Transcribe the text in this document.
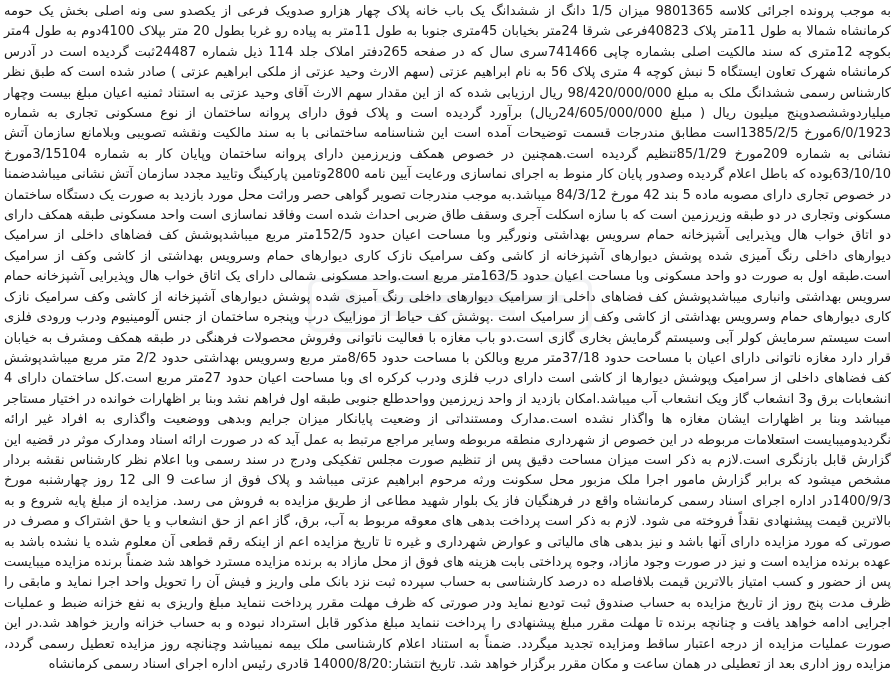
به موجب پرونده اجرائی کلاسه 9801365 میزان 1/5 دانگ از ششدانگ یک باب خانه پلاک چهار هزارو صدویک فرعی از یکصدو سی ونه اصلی بخش یک حومه کرمانشاه شمالا به طول 11متر پلاک 40823فرعی شرقا 24متر بخیابان 45متری جنوبا به طول 11متر به پیاده رو غربا بطول 20 متر بپلاک 4100دوم به طول 4متر بکوچه 12متری که سند مالکیت اصلی بشماره چاپی 741466سری سال که در صفحه 265دفتر املاک جلد 114 ذیل شماره 24487ثبت گردیده است در آدرس کرمانشاه شهرک تعاون ایستگاه 5 نبش کوچه 4 متری پلاک 56 به نام ابراهیم عزتی (سهم الارث وحید عزتی از ملکی ابراهیم عزتی ) صادر شده است که طبق نظر کارشناس رسمی ششدانگ ملک به مبلغ 98/420/000/000 ریال ارزیابی شده که از این مقدار سهم الارث آقای وحید عزتی به استناد ثمنیه اعیان مبلغ بیست وچهار میلیاردوششصدوپنج میلیون ریال ( مبلغ 24/605/000/000ریال) برآورد گردیده است و پلاک فوق دارای پروانه ساختمان از نوع مسکونی تجاری به شماره 6/0/1923مورخ 1385/2/5است مطابق مندرجات قسمت توضیحات آمده است این شناسنامه ساختمانی با به سند مالکیت ونقشه تصویبی وبلامانع سازمان آتش نشانی به شماره 209مورخ 85/1/29تنظیم گردیده است.همچنین در خصوص همکف وزیرزمین دارای پروانه ساختمان وپایان کار به شماره 3/15104مورخ 63/10/10بوده که باطل اعلام گردیده وصدور پایان کار منوط به اجرای نماسازی ورعایت آیین نامه 2800وتامین پارکینگ وتایید مجدد سازمان آتش نشانی میباشدضمنا در خصوص تجاری دارای مصوبه ماده 5 بند 42 مورخ 84/3/12 میباشد.به موجب مندرجات تصویر گواهی حصر وراثت محل مورد بازدید به صورت یک دستگاه ساختمان مسکونی وتجاری در دو طبقه وزیرزمین است که با سازه اسکلت آجری وسقف طاق ضربی احداث شده است وفاقد نماسازی است واحد مسکونی طبقه همکف دارای دو اتاق خواب هال وپذیرایی آشپزخانه حمام سرویس بهداشتی ونورگیر وبا مساحت اعیان حدود 152/5متر مربع میباشدپوشش کف فضاهای داخلی از سرامیک دیوارهای داخلی رنگ آمیزی شده پوشش دیوارهای آشپزخانه از کاشی وکف سرامیک نازک کاری دیوارهای حمام وسرویس بهداشتی از کاشی وکف از سرامیک است.طبقه اول به صورت دو واحد مسکونی وبا مساحت اعیان حدود 163/5متر مربع است.واحد مسکونی شمالی دارای یک اتاق خواب هال وپذیرایی آشپزخانه حمام سرویس بهداشتی وانباری میباشدپوشش کف فضاهای داخلی از سرامیک دیوارهای داخلی رنگ آمیزی شده پوشش دیوارهای آشپزخانه از کاشی وکف سرامیک نازک کاری دیوارهای حمام وسرویس بهداشتی از کاشی وکف از سرامیک است .پوشش کف حیاط از موزاییک درب وپنجره ساختمان از جنس آلومینیوم ودرب ورودی فلزی است سیستم سرمایش کولر آبی وسیستم گرمایش بخاری گازی است.دو باب مغازه با فعالیت ناتوانی وفروش محصولات فرهنگی در طبقه همکف ومشرف به خیابان قرار دارد مغازه ناتوانی دارای اعیان با مساحت حدود 37/18متر مربع وبالکن با مساحت حدود 8/65متر مربع وسرویس بهداشتی حدود 2/2 متر مربع میباشدپوشش کف فضاهای داخلی از سرامیک وپوشش دیوارها از کاشی است دارای درب فلزی ودرب کرکره ای وبا مساحت اعیان حدود 27متر مربع است.کل ساختمان دارای 4 انشعابات برق و3 انشعاب گاز ویک انشعاب آب میباشد.امکان بازدید از واحد زیرزمین وواحدطلع جنوبی طبقه اول فراهم نشد وبنا بر اظهارات خوانده در اختیار مستاجر میباشد وبنا بر اظهارات ایشان مغازه ها واگذار نشده است.مدارک ومستنداتی از وضعیت پایانکار میزان جرایم وبدهی ووضعیت واگذاری به افراد غیر ارائه نگردیدومیبایست استعلامات مربوطه در این خصوص از شهرداری منطقه مربوطه وسایر مراجع مرتبط به عمل آید که در صورت ارائه اسناد ومدارک موثر در قضیه این گزارش قابل بازنگری است.لازم به ذکر است میزان مساحت دقیق پس از تنظیم صورت مجلس تفکیکی ودرج در سند رسمی وبا اعلام نظر کارشناس نقشه بردار مشخص میشود که برابر گزارش مامور اجرا ملک مزبور محل سکونت ورثه مرحوم ابراهیم عزتی میباشد و پلاک فوق از ساعت 9 الی 12 روز چهارشنبه مورخ 1400/9/3در اداره اجرای اسناد رسمی کرمانشاه واقع در فرهنگیان فاز یک بلوار شهید مطاعی از طریق مزایده به فروش می رسد. مزایده از مبلغ پایه شروع و به بالاترین قیمت پیشنهادی نقداً فروخته می شود. لازم به ذکر است پرداخت بدهی های معوقه مربوط به آب، برق، گاز اعم از حق انشعاب و یا حق اشتراک و مصرف در صورتی که مورد مزایده دارای آنها باشد و نیز بدهی های مالیاتی و عوارض شهرداری و غیره تا تاریخ مزایده اعم از اینکه رقم قطعی آن معلوم شده یا نشده باشد به عهده برنده مزایده است و نیز در صورت وجود مازاد، وجوه پرداختی بابت هزینه های فوق از محل مازاد به برنده مزایده مسترد خواهد شد ضمناً برنده مزایده میبایست پس از حضور و کسب امتیاز بالاترین قیمت بلافاصله ده درصد کارشناسی به حساب سپرده ثبت نزد بانک ملی واریز و فیش آن را تحویل واحد اجرا نماید و مابقی را ظرف مدت پنج روز از تاریخ مزایده به حساب صندوق ثبت تودیع نماید ودر صورتی که ظرف مهلت مقرر پرداخت ننماید مبلغ واریزی به نفع خزانه ضبط و عملیات اجرایی ادامه خواهد یافت و چنانچه برنده تا مهلت مقرر مبلغ پیشنهادی را پرداخت ننماید مبلغ مذکور قابل استرداد نبوده و به حساب خزانه واریز خواهد شد.در این صورت عملیات مزایده از درجه اعتبار ساقط ومزایده تجدید میگردد. ضمناً به استناد اعلام کارشناسی ملک بیمه نمیباشد وچنانچه روز مزایده تعطیل رسمی گردد، مزایده روز اداری بعد از تعطیلی در همان ساعت و مکان مقرر برگزار خواهد شد. تاریخ انتشار:14000/8/20 قادری رئیس اداره اجرای اسناد رسمی کرمانشاه
